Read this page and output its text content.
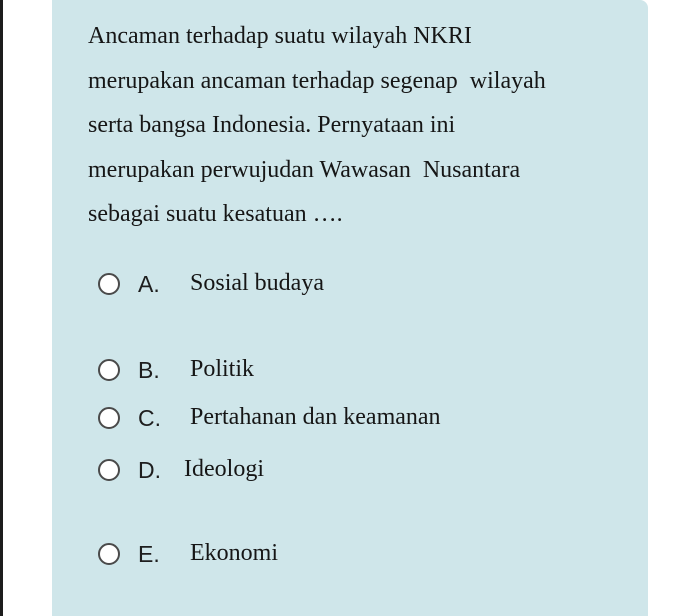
Ancaman terhadap suatu wilayah NKRI
merupakan ancaman terhadap segenap  wilayah
serta bangsa Indonesia. Pernyataan ini
merupakan perwujudan Wawasan  Nusantara
sebagai suatu kesatuan ….

A. Sosial budaya
B. Politik
C. Pertahanan dan keamanan
D. Ideologi
E. Ekonomi
